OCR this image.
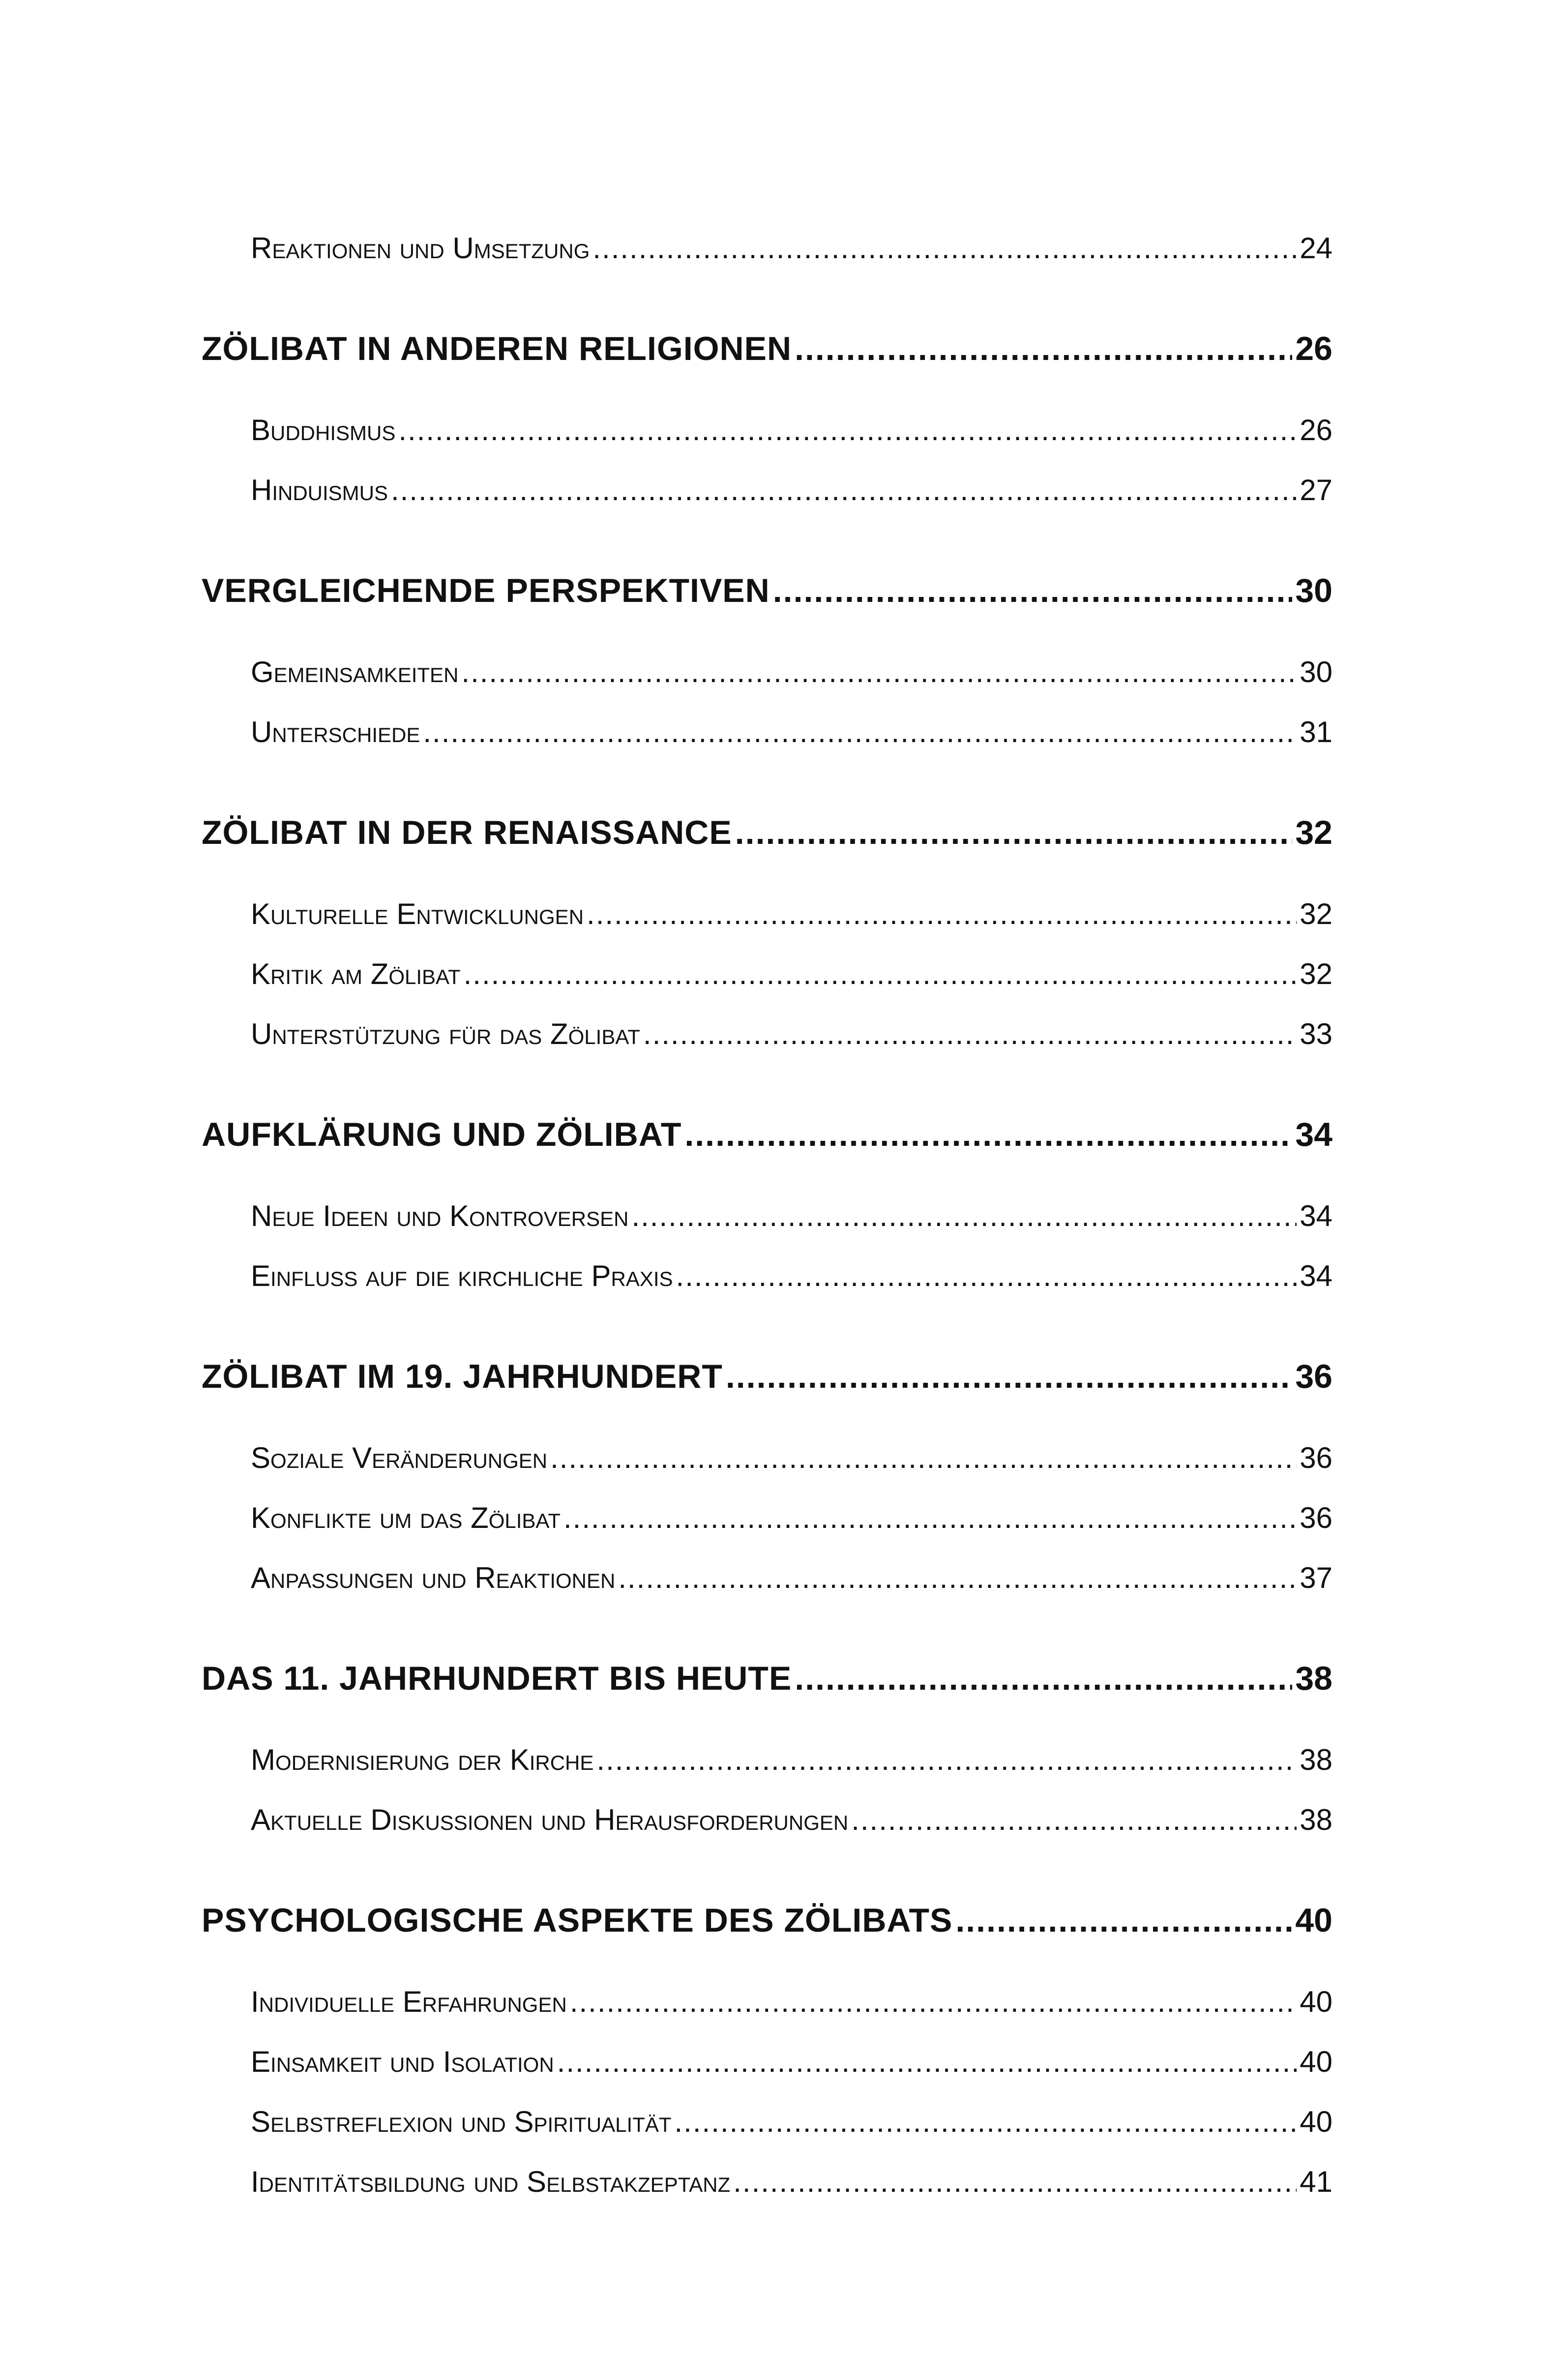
Reaktionen und Umsetzung .....	24
ZÖLIBAT IN ANDEREN RELIGIONEN .....	26
Buddhismus .....	26
Hinduismus .....	27
VERGLEICHENDE PERSPEKTIVEN .....	30
Gemeinsamkeiten .....	30
Unterschiede .....	31
ZÖLIBAT IN DER RENAISSANCE .....	32
Kulturelle Entwicklungen .....	32
Kritik am Zölibat .....	32
Unterstützung für das Zölibat .....	33
AUFKLÄRUNG UND ZÖLIBAT .....	34
Neue Ideen und Kontroversen .....	34
Einfluss auf die kirchliche Praxis .....	34
ZÖLIBAT IM 19. JAHRHUNDERT .....	36
Soziale Veränderungen .....	36
Konflikte um das Zölibat .....	36
Anpassungen und Reaktionen .....	37
DAS 11. JAHRHUNDERT BIS HEUTE .....	38
Modernisierung der Kirche .....	38
Aktuelle Diskussionen und Herausforderungen .....	38
PSYCHOLOGISCHE ASPEKTE DES ZÖLIBATS .....	40
Individuelle Erfahrungen .....	40
Einsamkeit und Isolation .....	40
Selbstreflexion und Spiritualität .....	40
Identitätsbildung und Selbstakzeptanz .....	41
